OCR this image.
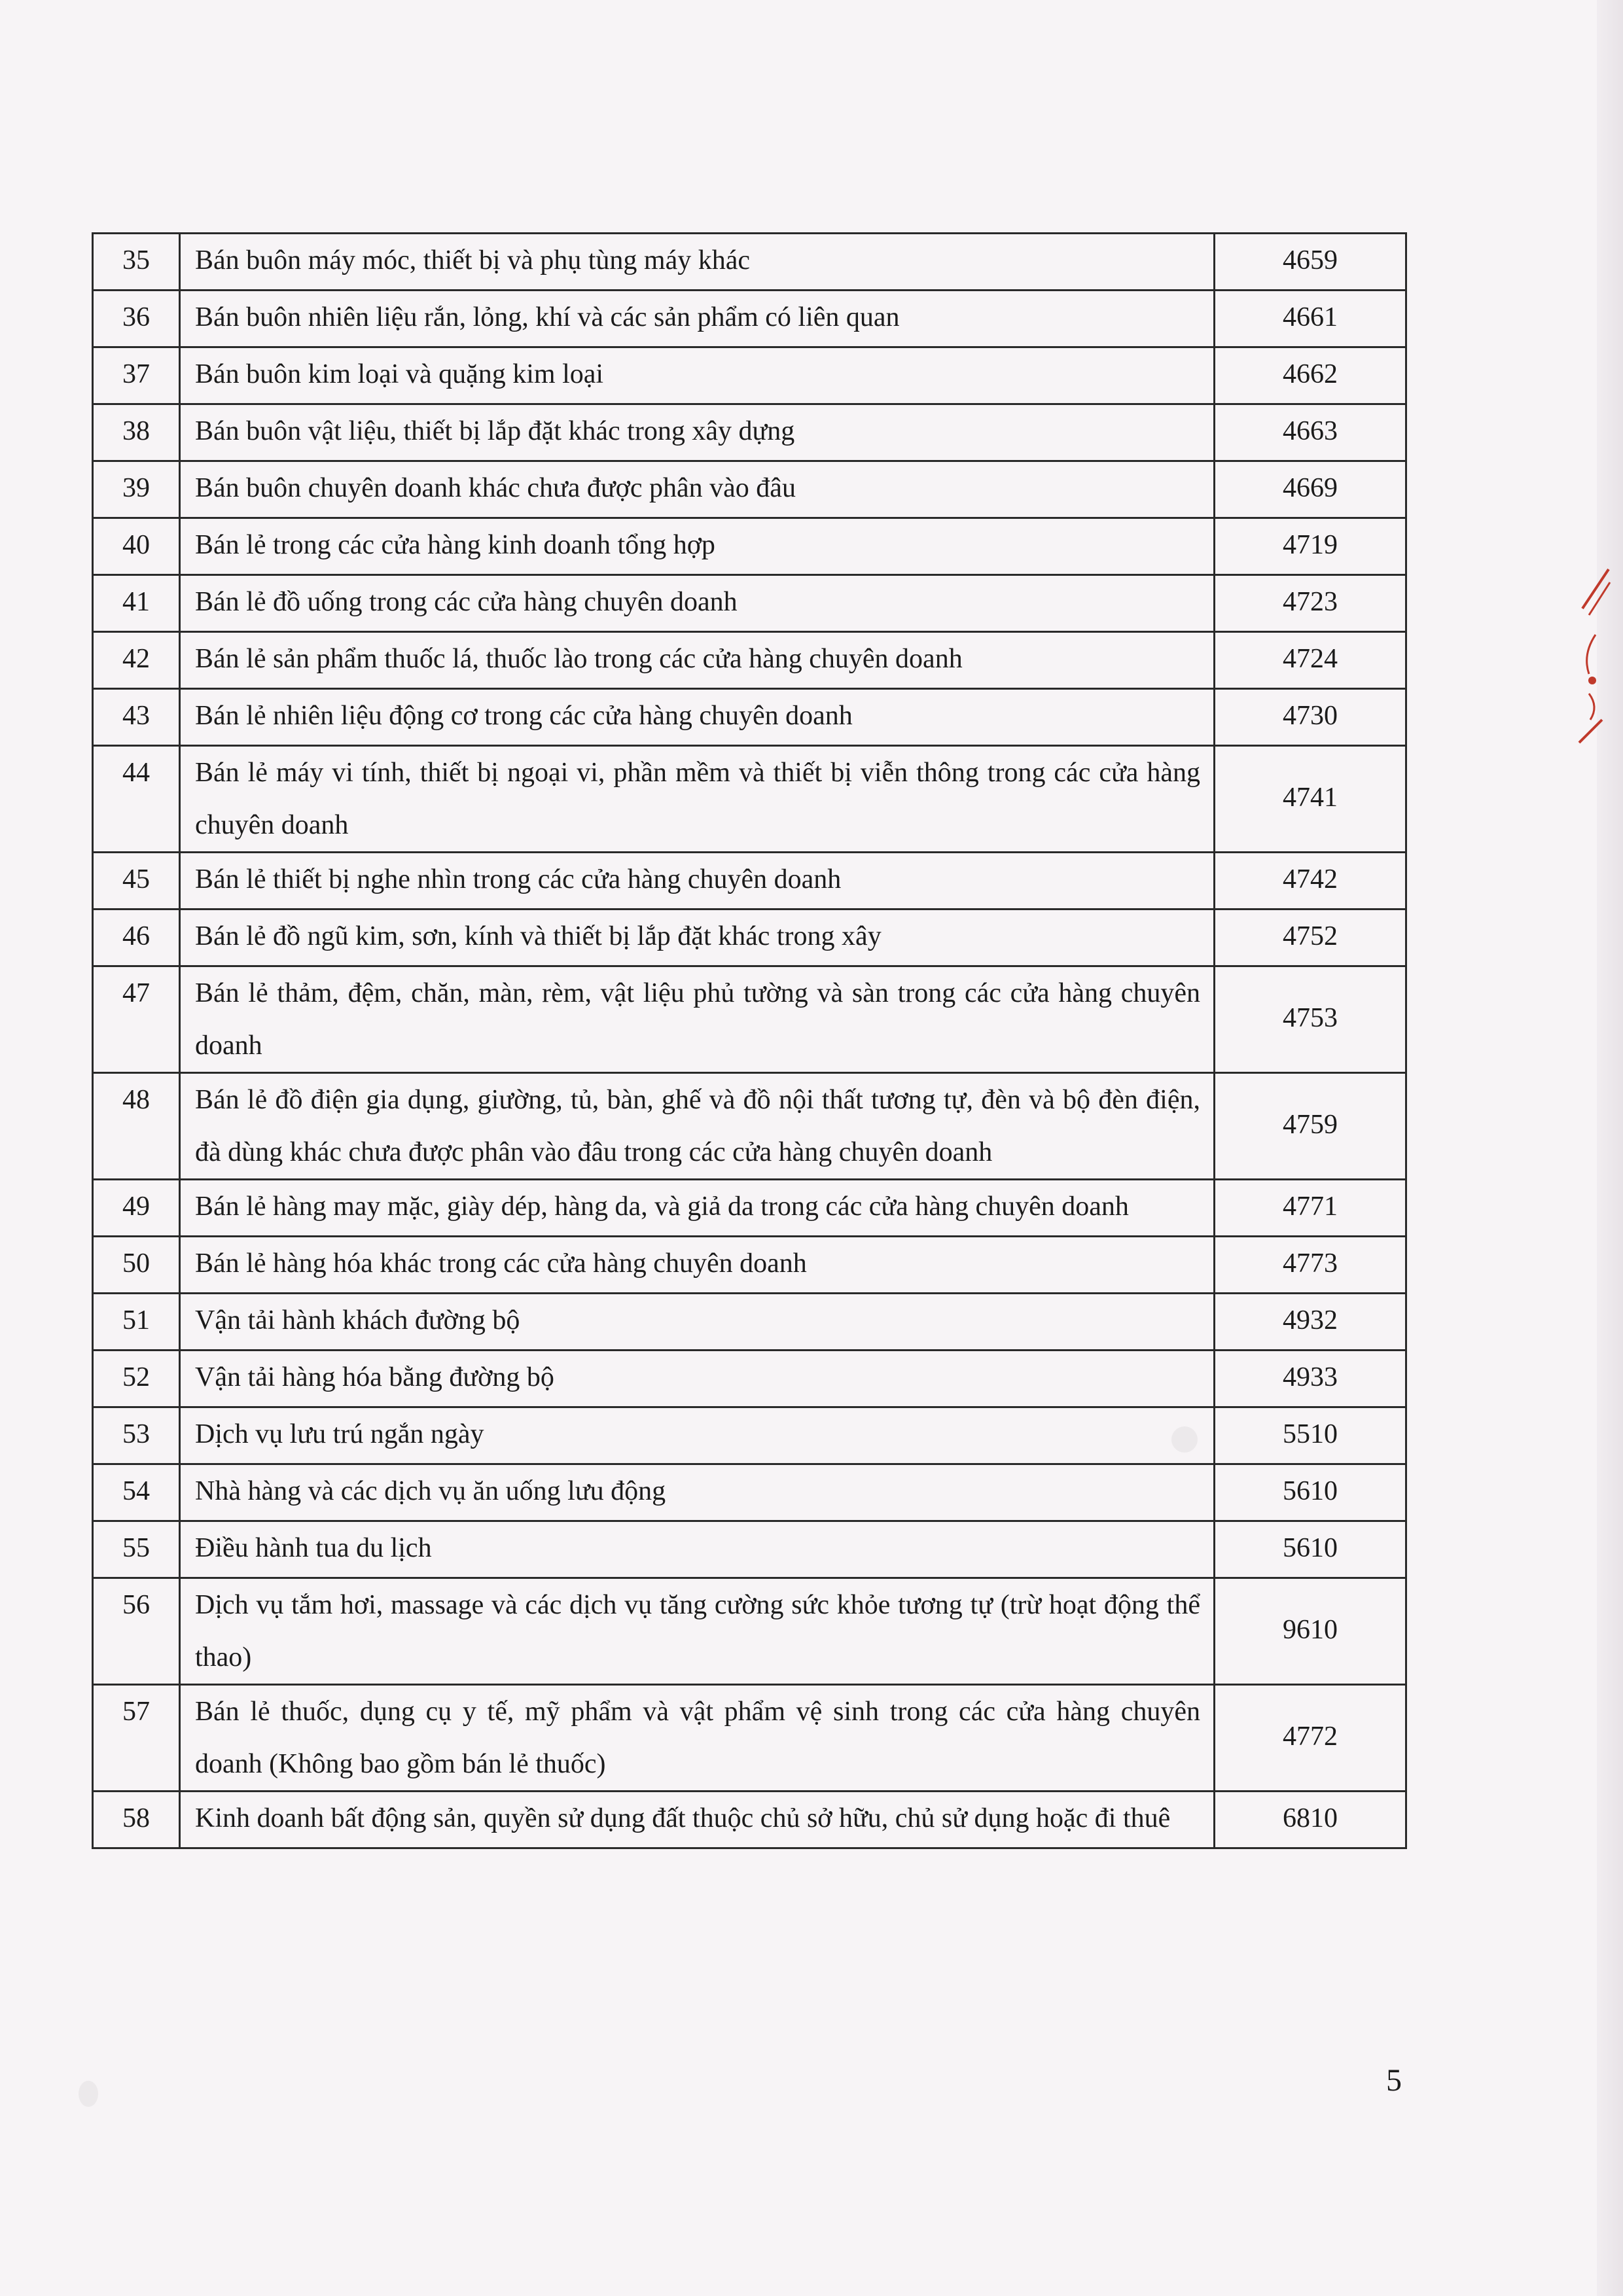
35	Bán buôn máy móc, thiết bị và phụ tùng máy khác	4659
36	Bán buôn nhiên liệu rắn, lỏng, khí và các sản phẩm có liên quan	4661
37	Bán buôn kim loại và quặng kim loại	4662
38	Bán buôn vật liệu, thiết bị lắp đặt khác trong xây dựng	4663
39	Bán buôn chuyên doanh khác chưa được phân vào đâu	4669
40	Bán lẻ trong các cửa hàng kinh doanh tổng hợp	4719
41	Bán lẻ đồ uống trong các cửa hàng chuyên doanh	4723
42	Bán lẻ sản phẩm thuốc lá, thuốc lào trong các cửa hàng chuyên doanh	4724
43	Bán lẻ nhiên liệu động cơ trong các cửa hàng chuyên doanh	4730
44	Bán lẻ máy vi tính, thiết bị ngoại vi, phần mềm và thiết bị viễn thông trong các cửa hàng chuyên doanh	4741
45	Bán lẻ thiết bị nghe nhìn trong các cửa hàng chuyên doanh	4742
46	Bán lẻ đồ ngũ kim, sơn, kính và thiết bị lắp đặt khác trong xây	4752
47	Bán lẻ thảm, đệm, chăn, màn, rèm, vật liệu phủ tường và sàn trong các cửa hàng chuyên doanh	4753
48	Bán lẻ đồ điện gia dụng, giường, tủ, bàn, ghế và đồ nội thất tương tự, đèn và bộ đèn điện, đà dùng khác chưa được phân vào đâu trong các cửa hàng chuyên doanh	4759
49	Bán lẻ hàng may mặc, giày dép, hàng da, và giả da trong các cửa hàng chuyên doanh	4771
50	Bán lẻ hàng hóa khác trong các cửa hàng chuyên doanh	4773
51	Vận tải hành khách đường bộ	4932
52	Vận tải hàng hóa bằng đường bộ	4933
53	Dịch vụ lưu trú ngắn ngày	5510
54	Nhà hàng và các dịch vụ ăn uống lưu động	5610
55	Điều hành tua du lịch	5610
56	Dịch vụ tắm hơi, massage và các dịch vụ tăng cường sức khỏe tương tự (trừ hoạt động thể thao)	9610
57	Bán lẻ thuốc, dụng cụ y tế, mỹ phẩm và vật phẩm vệ sinh trong các cửa hàng chuyên doanh (Không bao gồm bán lẻ thuốc)	4772
58	Kinh doanh bất động sản, quyền sử dụng đất thuộc chủ sở hữu, chủ sử dụng hoặc đi thuê	6810
5
